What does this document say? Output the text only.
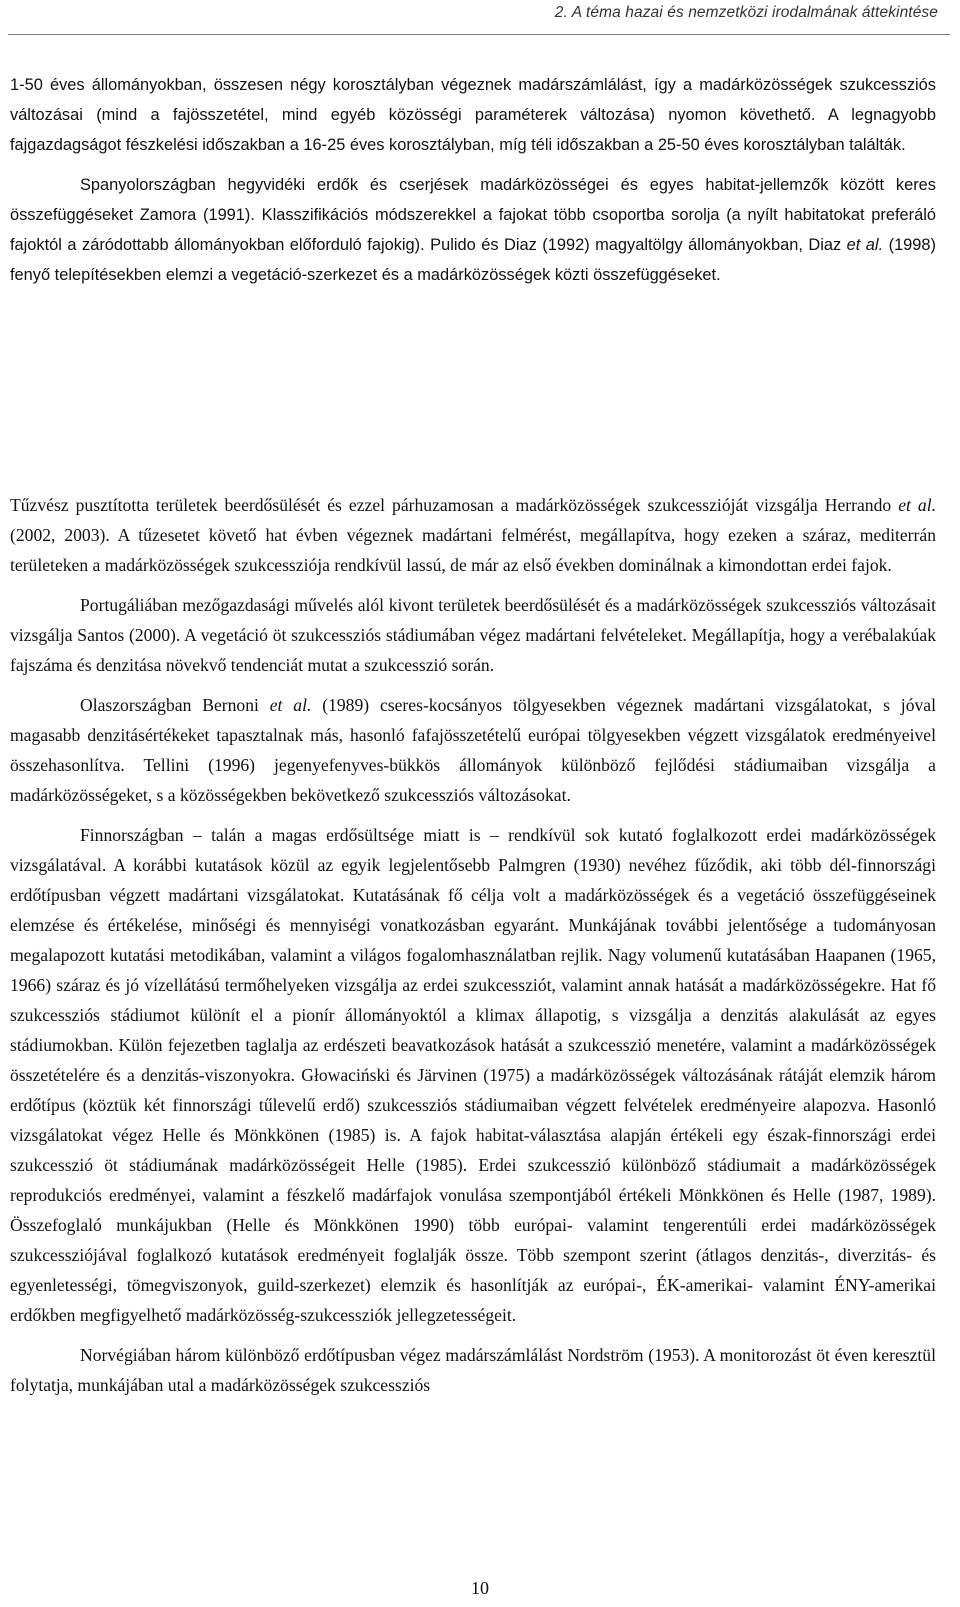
2. A téma hazai és nemzetközi irodalmának áttekintése

1-50 éves állományokban, összesen négy korosztályban végeznek madárszámlálást, így a madárközösségek szukcessziós változásai (mind a fajösszetétel, mind egyéb közösségi paraméterek változása) nyomon követhető. A legnagyobb fajgazdagságot fészkelési időszakban a 16-25 éves korosztályban, míg téli időszakban a 25-50 éves korosztályban találták.

Spanyolországban hegyvidéki erdők és cserjések madárközösségei és egyes habitat-jellemzők között keres összefüggéseket Zamora (1991). Klasszifikációs módszerekkel a fajokat több csoportba sorolja (a nyílt habitatokat preferáló fajoktól a záródottabb állományokban előforduló fajokig). Pulido és Diaz (1992) magyaltölgy állományokban, Diaz et al. (1998) fenyő telepítésekben elemzi a vegetáció-szerkezet és a madárközösségek közti összefüggéseket.

Tűzvész pusztította területek beerdősülését és ezzel párhuzamosan a madárközösségek szukcesszióját vizsgálja Herrando et al. (2002, 2003). A tűzesetet követő hat évben végeznek madártani felmérést, megállapítva, hogy ezeken a száraz, mediterrán területeken a madárközösségek szukcessziója rendkívül lassú, de már az első években dominálnak a kimondottan erdei fajok.

Portugáliában mezőgazdasági művelés alól kivont területek beerdősülését és a madárközösségek szukcessziós változásait vizsgálja Santos (2000). A vegetáció öt szukcessziós stádiumában végez madártani felvételeket. Megállapítja, hogy a verébalakúak fajszáma és denzitása növekvő tendenciát mutat a szukcesszió során.

Olaszországban Bernoni et al. (1989) cseres-kocsányos tölgyesekben végeznek madártani vizsgálatokat, s jóval magasabb denzitásértékeket tapasztalnak más, hasonló fafajösszetételű európai tölgyesekben végzett vizsgálatok eredményeivel összehasonlítva. Tellini (1996) jegenyefenyves-bükkös állományok különböző fejlődési stádiumaiban vizsgálja a madárközösségeket, s a közösségekben bekövetkező szukcessziós változásokat.

Finnországban – talán a magas erdősültsége miatt is – rendkívül sok kutató foglalkozott erdei madárközösségek vizsgálatával. A korábbi kutatások közül az egyik legjelentősebb Palmgren (1930) nevéhez fűződik, aki több dél-finnországi erdőtípusban végzett madártani vizsgálatokat. Kutatásának fő célja volt a madárközösségek és a vegetáció összefüggéseinek elemzése és értékelése, minőségi és mennyiségi vonatkozásban egyaránt. Munkájának további jelentősége a tudományosan megalapozott kutatási metodikában, valamint a világos fogalomhasználatban rejlik. Nagy volumenű kutatásában Haapanen (1965, 1966) száraz és jó vízellátású termőhelyeken vizsgálja az erdei szukcessziót, valamint annak hatását a madárközösségekre. Hat fő szukcessziós stádiumot különít el a pionír állományoktól a klimax állapotig, s vizsgálja a denzitás alakulását az egyes stádiumokban. Külön fejezetben taglalja az erdészeti beavatkozások hatását a szukcesszió menetére, valamint a madárközösségek összetételére és a denzitás-viszonyokra. Głowaciński és Järvinen (1975) a madárközösségek változásának rátáját elemzik három erdőtípus (köztük két finnországi tűlevelű erdő) szukcessziós stádiumaiban végzett felvételek eredményeire alapozva. Hasonló vizsgálatokat végez Helle és Mönkkönen (1985) is. A fajok habitat-választása alapján értékeli egy észak-finnországi erdei szukcesszió öt stádiumának madárközösségeit Helle (1985). Erdei szukcesszió különböző stádiumait a madárközösségek reprodukciós eredményei, valamint a fészkelő madárfajok vonulása szempontjából értékeli Mönkkönen és Helle (1987, 1989). Összefoglaló munkájukban (Helle és Mönkkönen 1990) több európai- valamint tengerentúli erdei madárközösségek szukcessziójával foglalkozó kutatások eredményeit foglalják össze. Több szempont szerint (átlagos denzitás-, diverzitás- és egyenletességi, tömegviszonyok, guild-szerkezet) elemzik és hasonlítják az európai-, ÉK-amerikai- valamint ÉNY-amerikai erdőkben megfigyelhető madárközösség-szukcessziók jellegzetességeit.

Norvégiában három különböző erdőtípusban végez madárszámlálást Nordström (1953). A monitorozást öt éven keresztül folytatja, munkájában utal a madárközösségek szukcessziós

10
